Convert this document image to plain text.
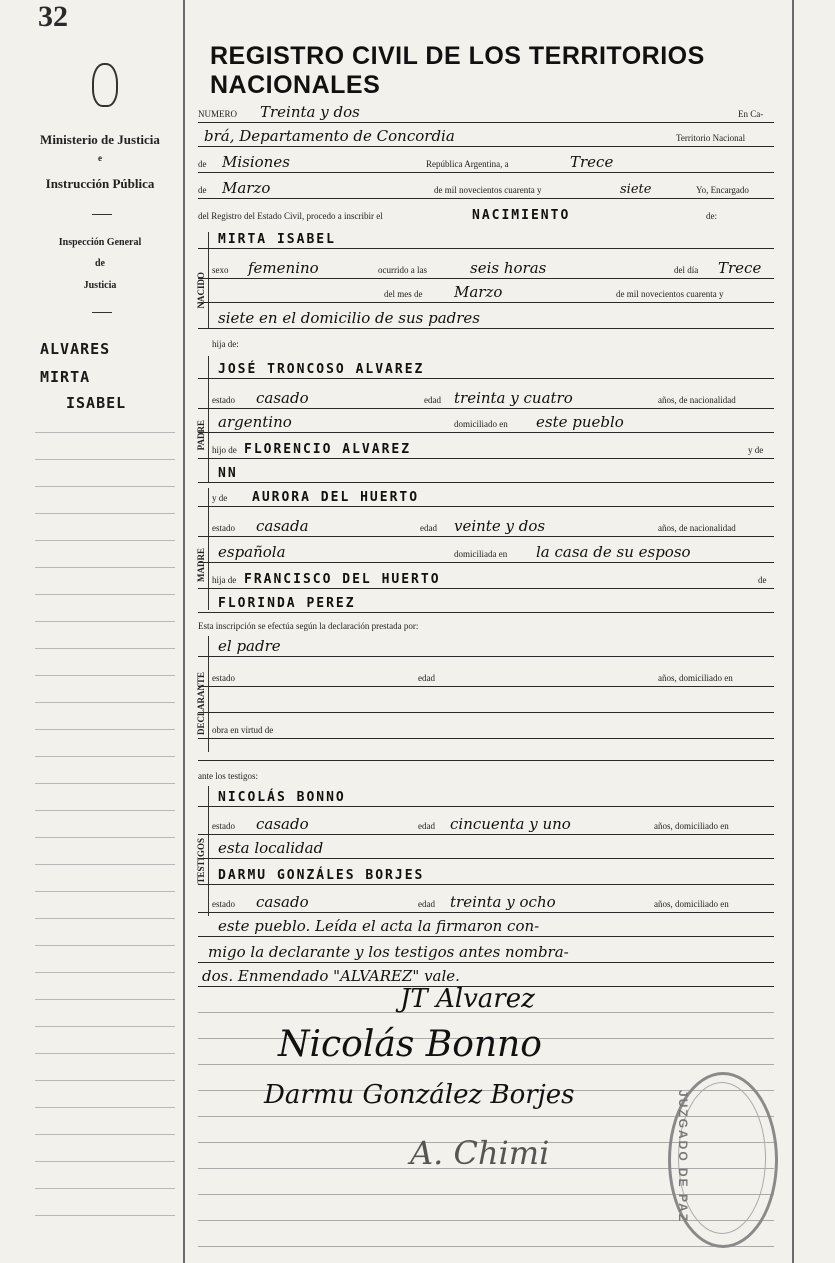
32
Ministerio de Justicia
e
Instrucción Pública
Inspección General
de
Justicia
ALVARES
MIRTA
ISABEL
REGISTRO CIVIL DE LOS TERRITORIOS NACIONALES
NUMERO Treinta y dos	En Ca-
brá, Departamento de Concordia	Territorio Nacional
de Misiones	República Argentina, a	Trece
de Marzo	de mil novecientos cuarenta y	siete	Yo, Encargado
del Registro del Estado Civil, procedo a inscribir el	NACIMIENTO	de:
NACIDO
MIRTA ISABEL
sexo femenino	ocurrido a las	seis horas	del día Trece
del mes de Marzo	de mil novecientos cuarenta y
siete en el domicilio de sus padres
hija de:
PADRE
JOSÉ TRONCOSO ALVAREZ
estado casado	edad treinta y cuatro	años, de nacionalidad
argentino	domiciliado en este pueblo
hijo de FLORENCIO ALVAREZ	y de
NN
MADRE
y de AURORA DEL HUERTO
estado casada	edad veinte y dos	años, de nacionalidad
española	domiciliada en la casa de su esposo
hija de FRANCISCO DEL HUERTO	de
FLORINDA PEREZ
Esta inscripción se efectúa según la declaración prestada por:
DECLARANTE
el padre
estado	edad	años, domiciliado en
obra en virtud de
ante los testigos:
TESTIGOS
NICOLÁS BONNO
estado casado	edad cincuenta y uno	años, domiciliado en
esta localidad
DARMU GONZÁLES BORJES
estado casado	edad treinta y ocho	años, domiciliado en
este pueblo. Leída el acta la firmaron con-
migo la declarante y los testigos antes nombra-
dos. Enmendado "ALVAREZ" vale.
JT Alvarez
Nicolás Bonno
Darmu González Borjes
A. Chimi	JUZGADO DE PAZ
